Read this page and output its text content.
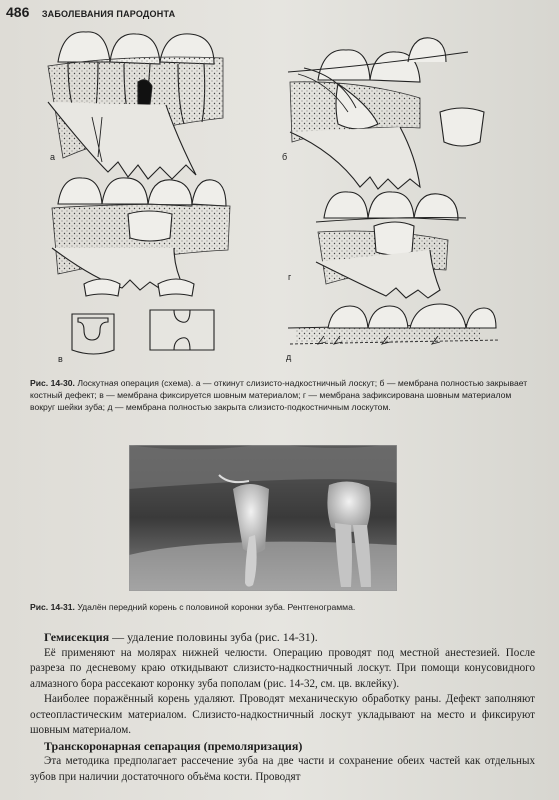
486 ЗАБОЛЕВАНИЯ ПАРОДОНТА
а	б
в
г
д
Рис. 14-30. Лоскутная операция (схема). а — откинут слизисто-надкостничный лоскут; б — мембрана полностью закрывает костный дефект; в — мембрана фиксируется шовным материалом; г — мембрана зафиксирована шовным материалом вокруг шейки зуба; д — мембрана полностью закрыта слизисто-подкостничным лоскутом.
Рис. 14-31. Удалён передний корень с половиной коронки зуба. Рентгенограмма.

Гемисекция — удаление половины зуба (рис. 14-31).

Её применяют на молярах нижней челюсти. Операцию проводят под местной анестезией. После разреза по десневому краю откидывают слизисто-надкостничный лоскут. При помощи конусовидного алмазного бора рассекают коронку зуба пополам (рис. 14-32, см. цв. вклейку).

Наиболее поражённый корень удаляют. Проводят механическую обработку раны. Дефект заполняют остеопластическим материалом. Слизисто-надкостничный лоскут укладывают на место и фиксируют шовным материалом.

Транскоронарная сепарация (премоляризация)

Эта методика предполагает рассечение зуба на две части и сохранение обеих частей как отдельных зубов при наличии достаточного объёма кости. Проводят
